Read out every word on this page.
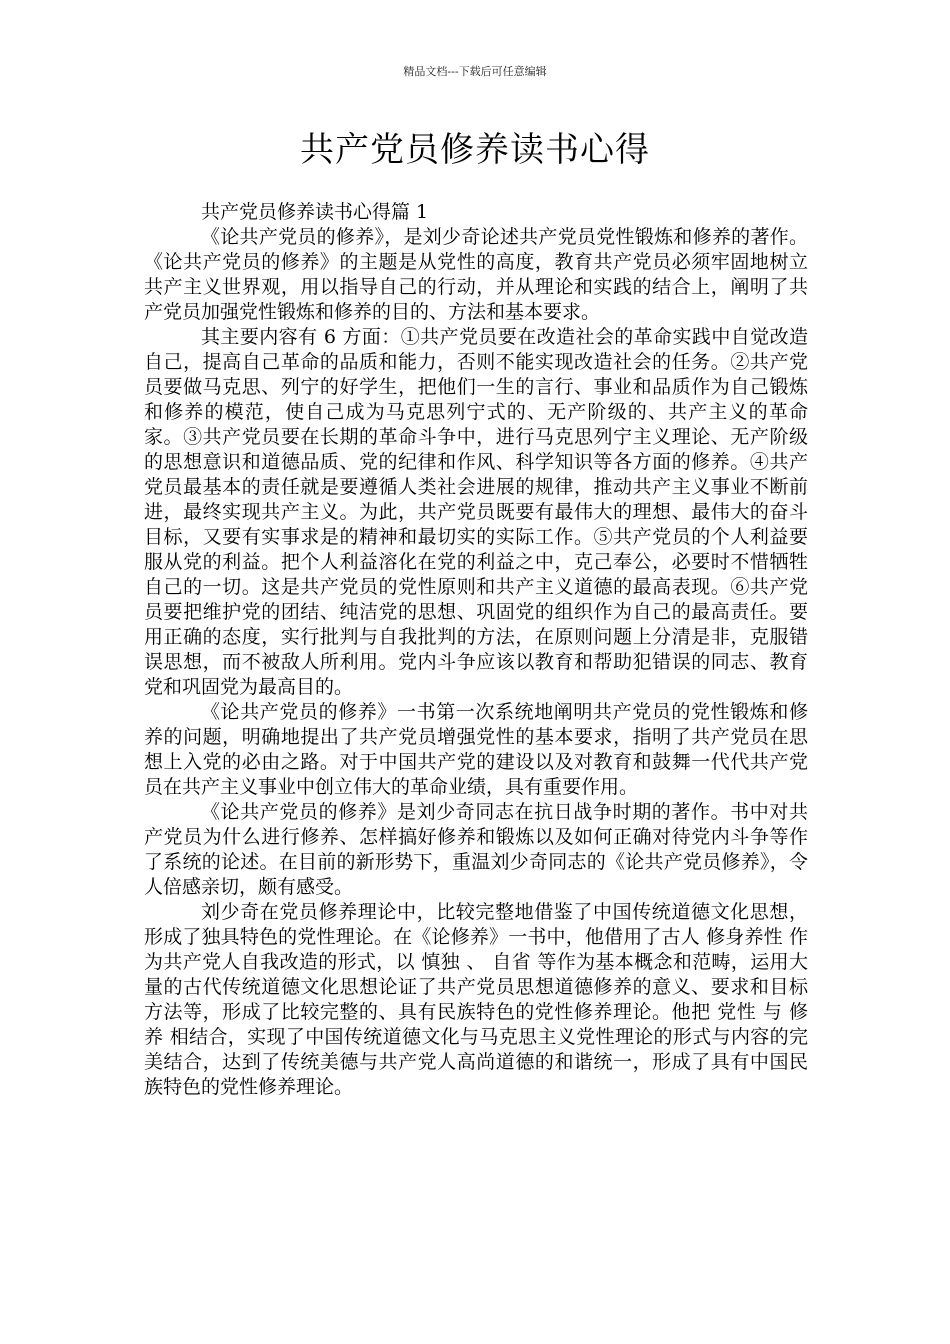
精品文档---下载后可任意编辑
共产党员修养读书心得

共产党员修养读书心得篇 1

《论共产党员的修养》，是刘少奇论述共产党员党性锻炼和修养的著作。《论共产党员的修养》的主题是从党性的高度，教育共产党员必须牢固地树立共产主义世界观，用以指导自己的行动，并从理论和实践的结合上，阐明了共产党员加强党性锻炼和修养的目的、方法和基本要求。

其主要内容有 6 方面：①共产党员要在改造社会的革命实践中自觉改造自己，提高自己革命的品质和能力，否则不能实现改造社会的任务。②共产党员要做马克思、列宁的好学生，把他们一生的言行、事业和品质作为自己锻炼和修养的模范，使自己成为马克思列宁式的、无产阶级的、共产主义的革命家。③共产党员要在长期的革命斗争中，进行马克思列宁主义理论、无产阶级的思想意识和道德品质、党的纪律和作风、科学知识等各方面的修养。④共产党员最基本的责任就是要遵循人类社会进展的规律，推动共产主义事业不断前进，最终实现共产主义。为此，共产党员既要有最伟大的理想、最伟大的奋斗目标，又要有实事求是的精神和最切实的实际工作。⑤共产党员的个人利益要服从党的利益。把个人利益溶化在党的利益之中，克己奉公，必要时不惜牺牲自己的一切。这是共产党员的党性原则和共产主义道德的最高表现。⑥共产党员要把维护党的团结、纯洁党的思想、巩固党的组织作为自己的最高责任。要用正确的态度，实行批判与自我批判的方法，在原则问题上分清是非，克服错误思想，而不被敌人所利用。党内斗争应该以教育和帮助犯错误的同志、教育党和巩固党为最高目的。

《论共产党员的修养》一书第一次系统地阐明共产党员的党性锻炼和修养的问题，明确地提出了共产党员增强党性的基本要求，指明了共产党员在思想上入党的必由之路。对于中国共产党的建设以及对教育和鼓舞一代代共产党员在共产主义事业中创立伟大的革命业绩，具有重要作用。

《论共产党员的修养》是刘少奇同志在抗日战争时期的著作。书中对共产党员为什么进行修养、怎样搞好修养和锻炼以及如何正确对待党内斗争等作了系统的论述。在目前的新形势下，重温刘少奇同志的《论共产党员修养》，令人倍感亲切，颇有感受。

刘少奇在党员修养理论中，比较完整地借鉴了中国传统道德文化思想，形成了独具特色的党性理论。在《论修养》一书中，他借用了古人 修身养性 作为共产党人自我改造的形式，以 慎独 、 自省 等作为基本概念和范畴，运用大量的古代传统道德文化思想论证了共产党员思想道德修养的意义、要求和目标方法等，形成了比较完整的、具有民族特色的党性修养理论。他把 党性 与 修养 相结合，实现了中国传统道德文化与马克思主义党性理论的形式与内容的完美结合，达到了传统美德与共产党人高尚道德的和谐统一，形成了具有中国民族特色的党性修养理论。
